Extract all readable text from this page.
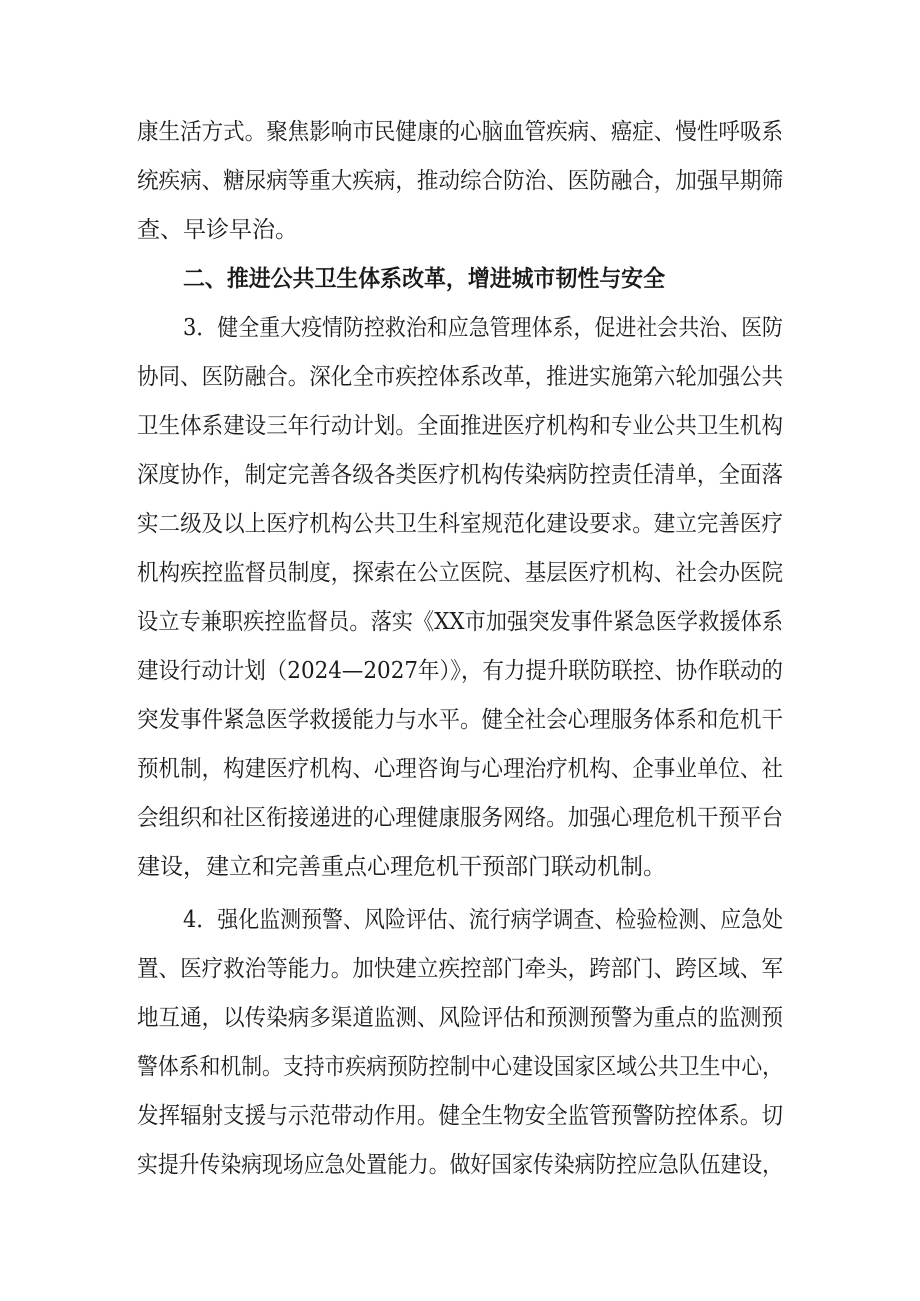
康生活方式。聚焦影响市民健康的心脑血管疾病、癌症、慢性呼吸系
统疾病、糖尿病等重大疾病，推动综合防治、医防融合，加强早期筛
查、早诊早治。
二、推进公共卫生体系改革，增进城市韧性与安全
3．健全重大疫情防控救治和应急管理体系，促进社会共治、医防
协同、医防融合。深化全市疾控体系改革，推进实施第六轮加强公共
卫生体系建设三年行动计划。全面推进医疗机构和专业公共卫生机构
深度协作，制定完善各级各类医疗机构传染病防控责任清单，全面落
实二级及以上医疗机构公共卫生科室规范化建设要求。建立完善医疗
机构疾控监督员制度，探索在公立医院、基层医疗机构、社会办医院
设立专兼职疾控监督员。落实《XX市加强突发事件紧急医学救援体系
建设行动计划（2024—2027年）》，有力提升联防联控、协作联动的
突发事件紧急医学救援能力与水平。健全社会心理服务体系和危机干
预机制，构建医疗机构、心理咨询与心理治疗机构、企事业单位、社
会组织和社区衔接递进的心理健康服务网络。加强心理危机干预平台
建设，建立和完善重点心理危机干预部门联动机制。
4．强化监测预警、风险评估、流行病学调查、检验检测、应急处
置、医疗救治等能力。加快建立疾控部门牵头，跨部门、跨区域、军
地互通，以传染病多渠道监测、风险评估和预测预警为重点的监测预
警体系和机制。支持市疾病预防控制中心建设国家区域公共卫生中心，
发挥辐射支援与示范带动作用。健全生物安全监管预警防控体系。切
实提升传染病现场应急处置能力。做好国家传染病防控应急队伍建设，
